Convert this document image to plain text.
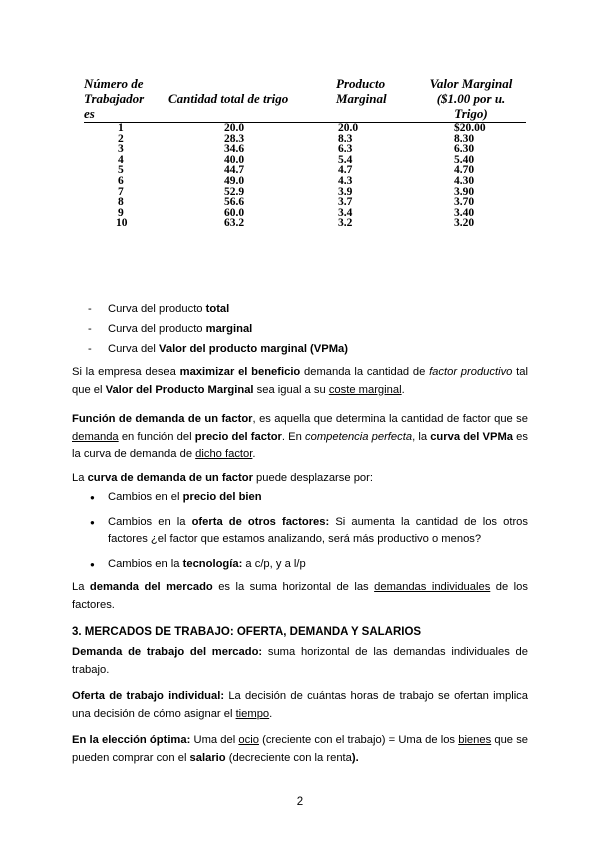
Número de
Trabajador
es	Cantidad total de trigo	Producto
Marginal	Valor Marginal
($1.00 por u.
Trigo)
1	20.0	20.0	$20.00
2	28.3	8.3	8.30
3	34.6	6.3	6.30
4	40.0	5.4	5.40
5	44.7	4.7	4.70
6	49.0	4.3	4.30
7	52.9	3.9	3.90
8	56.6	3.7	3.70
9	60.0	3.4	3.40
10	63.2	3.2	3.20
- Curva del producto total
- Curva del producto marginal
- Curva del Valor del producto marginal (VPMa)
Si la empresa desea maximizar el beneficio demanda la cantidad de factor productivo tal que el Valor del Producto Marginal sea igual a su coste marginal.
Función de demanda de un factor, es aquella que determina la cantidad de factor que se demanda en función del precio del factor. En competencia perfecta, la curva del VPMa es la curva de demanda de dicho factor.
La curva de demanda de un factor puede desplazarse por:
● Cambios en el precio del bien
● Cambios en la oferta de otros factores: Si aumenta la cantidad de los otros factores ¿el factor que estamos analizando, será más productivo o menos?
● Cambios en la tecnología: a c/p, y a l/p
La demanda del mercado es la suma horizontal de las demandas individuales de los factores.
3. MERCADOS DE TRABAJO: OFERTA, DEMANDA Y SALARIOS
Demanda de trabajo del mercado: suma horizontal de las demandas individuales de trabajo.
Oferta de trabajo individual: La decisión de cuántas horas de trabajo se ofertan implica una decisión de cómo asignar el tiempo.
En la elección óptima: Uma del ocio (creciente con el trabajo) = Uma de los bienes que se pueden comprar con el salario (decreciente con la renta).
2
